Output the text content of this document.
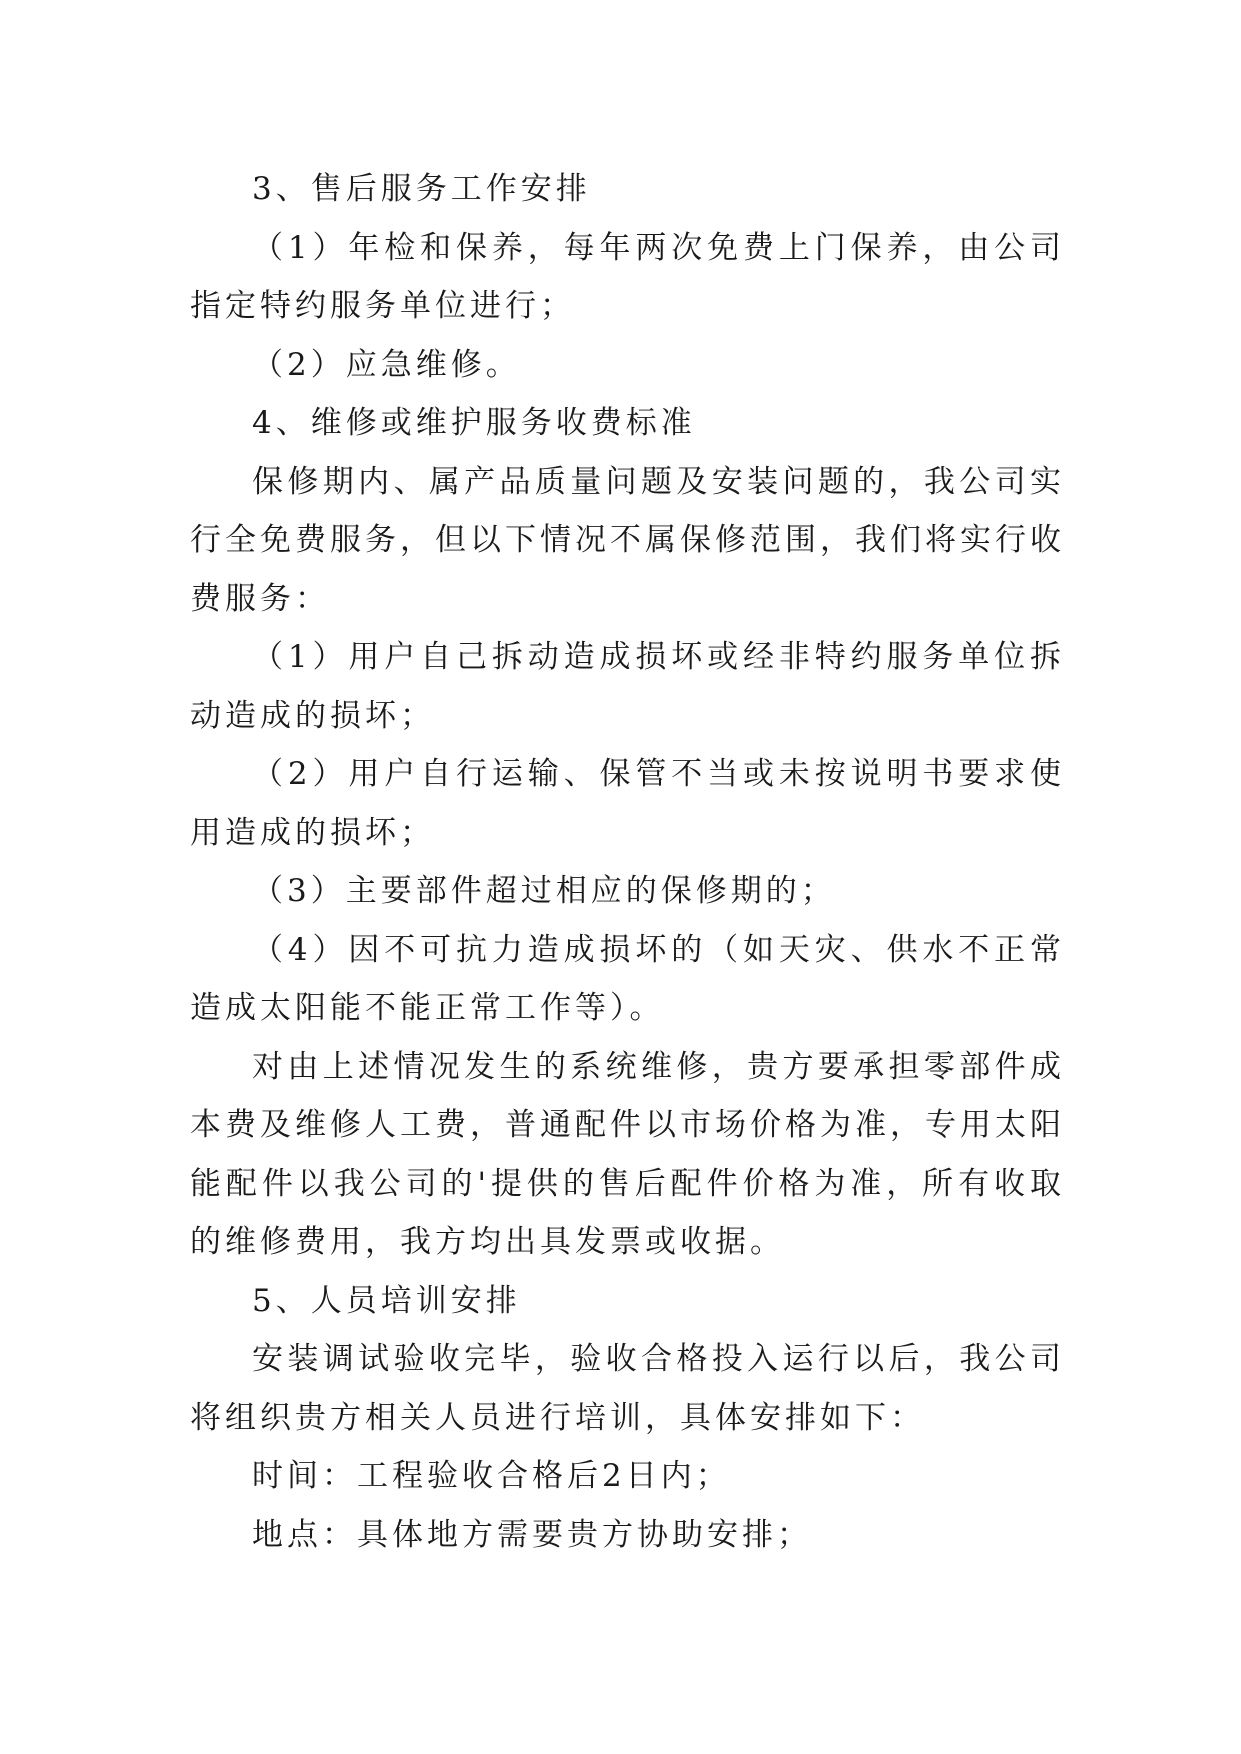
3、售后服务工作安排

（1）年检和保养，每年两次免费上门保养，由公司指定特约服务单位进行；

（2）应急维修。

4、维修或维护服务收费标准

保修期内、属产品质量问题及安装问题的，我公司实行全免费服务，但以下情况不属保修范围，我们将实行收费服务：

（1）用户自己拆动造成损坏或经非特约服务单位拆动造成的损坏；

（2）用户自行运输、保管不当或未按说明书要求使用造成的损坏；

（3）主要部件超过相应的保修期的；

（4）因不可抗力造成损坏的（如天灾、供水不正常造成太阳能不能正常工作等）。

对由上述情况发生的系统维修，贵方要承担零部件成本费及维修人工费，普通配件以市场价格为准，专用太阳能配件以我公司的'提供的售后配件价格为准，所有收取的维修费用，我方均出具发票或收据。

5、人员培训安排

安装调试验收完毕，验收合格投入运行以后，我公司将组织贵方相关人员进行培训，具体安排如下：

时间：工程验收合格后2日内；

地点：具体地方需要贵方协助安排；
